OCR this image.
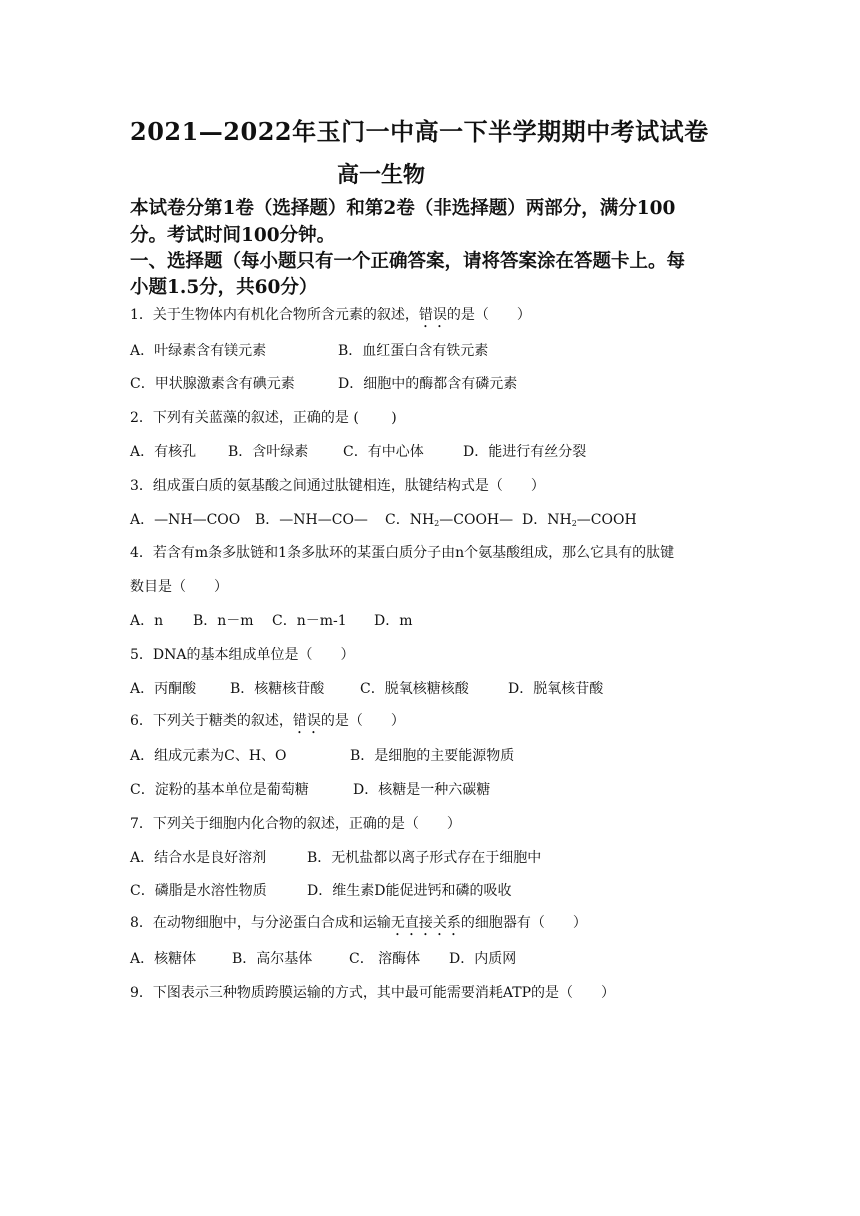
2021—2022年玉门一中高一下半学期期中考试试卷
高一生物
本试卷分第1卷（选择题）和第2卷（非选择题）两部分，满分100
分。考试时间100分钟。
一、选择题（每小题只有一个正确答案，请将答案涂在答题卡上。每
小题1.5分，共60分）
1．关于生物体内有机化合物所含元素的叙述，错误的是（　　）
A．叶绿素含有镁元素	B．血红蛋白含有铁元素
C．甲状腺激素含有碘元素	D．细胞中的酶都含有磷元素
2．下列有关蓝藻的叙述，正确的是 (　　 )
A．有核孔 B．含叶绿素 C．有中心体	D．能进行有丝分裂
3．组成蛋白质的氨基酸之间通过肽键相连，肽键结构式是（　　）
A．—NH—COO B．—NH—CO— C．$NH_2—COOH—$ D．$NH_2—COOH$
4．若含有m条多肽链和1条多肽环的某蛋白质分子由n个氨基酸组成，那么它具有的肽键
数目是（　　）
A．n B．n－m C．n－m-1 D．m
5．DNA的基本组成单位是（　　）
A．丙酮酸 B．核糖核苷酸	C．脱氧核糖核酸	D．脱氧核苷酸
6．下列关于糖类的叙述，错误的是（　　）
A．组成元素为C、H、O	B．是细胞的主要能源物质
C．淀粉的基本单位是葡萄糖	D．核糖是一种六碳糖
7．下列关于细胞内化合物的叙述，正确的是（　　）
A．结合水是良好溶剂	B．无机盐都以离子形式存在于细胞中
C．磷脂是水溶性物质	D．维生素D能促进钙和磷的吸收
8．在动物细胞中，与分泌蛋白合成和运输无直接关系的细胞器有（　　）
A．核糖体	B．高尔基体	C． 溶酶体 D．内质网
9．下图表示三种物质跨膜运输的方式，其中最可能需要消耗ATP的是（　　）
